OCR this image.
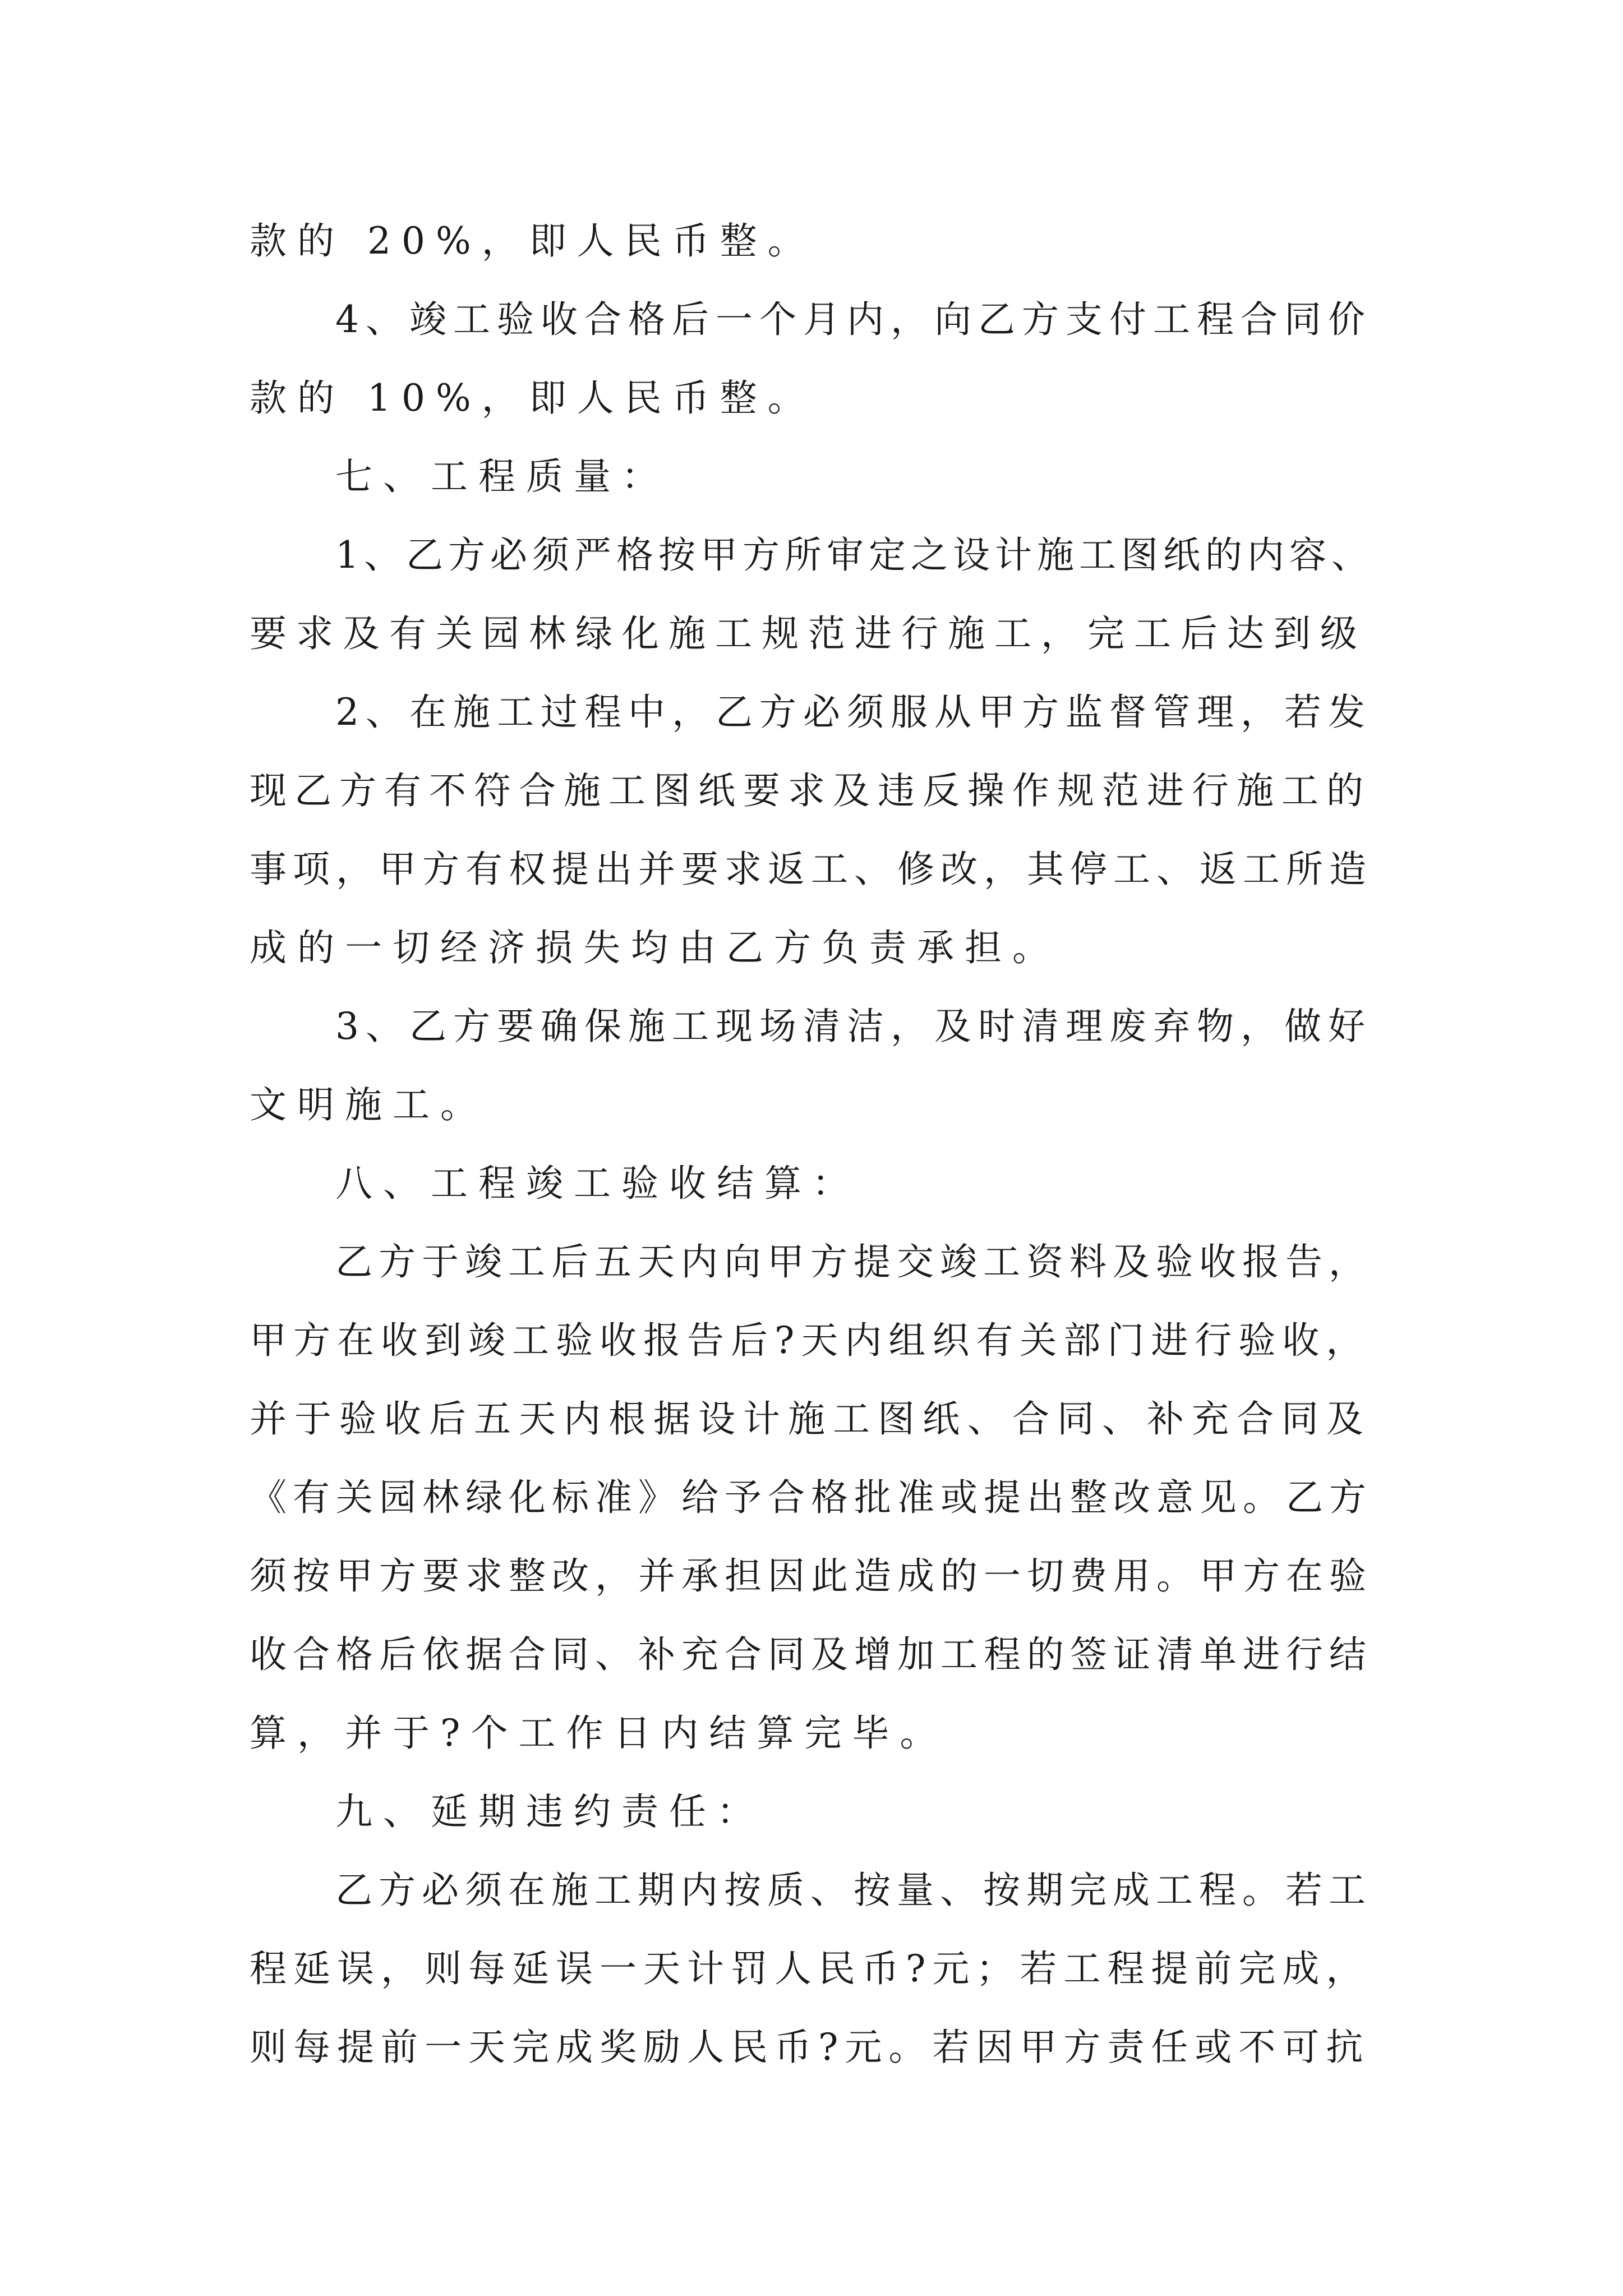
款的 20%，即人民币整。
4、竣工验收合格后一个月内，向乙方支付工程合同价
款的 10%，即人民币整。
七、工程质量：
1、乙方必须严格按甲方所审定之设计施工图纸的内容、
要求及有关园林绿化施工规范进行施工，完工后达到级
2、在施工过程中，乙方必须服从甲方监督管理，若发
现乙方有不符合施工图纸要求及违反操作规范进行施工的
事项，甲方有权提出并要求返工、修改，其停工、返工所造
成的一切经济损失均由乙方负责承担。
3、乙方要确保施工现场清洁，及时清理废弃物，做好
文明施工。
八、工程竣工验收结算：
乙方于竣工后五天内向甲方提交竣工资料及验收报告，
甲方在收到竣工验收报告后?天内组织有关部门进行验收，
并于验收后五天内根据设计施工图纸、合同、补充合同及
《有关园林绿化标准》给予合格批准或提出整改意见。乙方
须按甲方要求整改，并承担因此造成的一切费用。甲方在验
收合格后依据合同、补充合同及增加工程的签证清单进行结
算，并于?个工作日内结算完毕。
九、延期违约责任：
乙方必须在施工期内按质、按量、按期完成工程。若工
程延误，则每延误一天计罚人民币?元；若工程提前完成，
则每提前一天完成奖励人民币?元。若因甲方责任或不可抗
